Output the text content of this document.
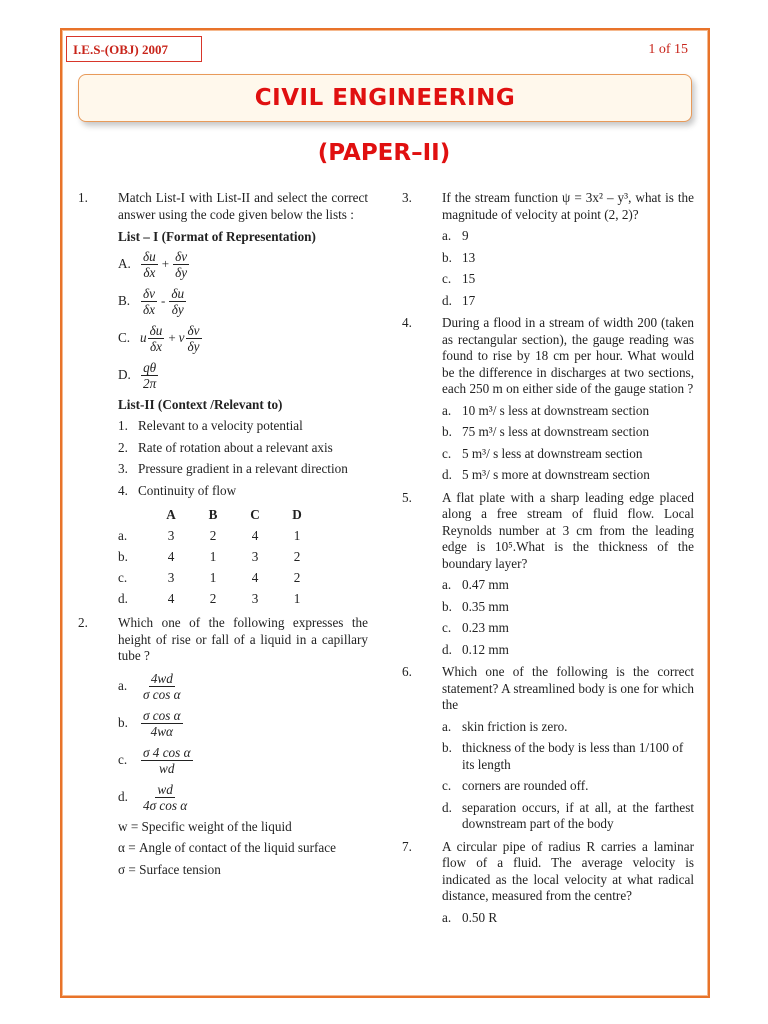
I.E.S-(OBJ) 2007	1 of 15
CIVIL ENGINEERING
(PAPER–II)
1.	Match List-I with List-II and select the correct answer using the code given below the lists :
List – I (Format of Representation)
A. $\frac{\delta u}{\delta x} + \frac{\delta v}{\delta y}$
B. $\frac{\delta v}{\delta x} - \frac{\delta u}{\delta y}$
C. u $\frac{\delta u}{\delta x} + v \frac{\delta v}{\delta y}$
D. $\frac{q\theta}{2\pi}$
List-II (Context /Relevant to)
1. Relevant to a velocity potential
2. Rate of rotation about a relevant axis
3. Pressure gradient in a relevant direction
4. Continuity of flow
	A	B	C	D
a.	3	2	4	1
b.	4	1	3	2
c.	3	1	4	2
d.	4	2	3	1
2.	Which one of the following expresses the height of rise or fall of a liquid in a capillary tube ?
a.	$\frac{4wd}{\text{σ cos α}}$
b. $\frac{\text{σ cos α}}{4w\alpha}$
c.	$\frac{\text{σ 4 cos α}}{wd}$
d. $\frac{wd}{\text{4σ cos α}}$
w = Specific weight of the liquid
α = Angle of contact of the liquid surface
σ = Surface tension
3.	If the stream function ψ = 3x² – y³, what is the magnitude of velocity at point (2, 2)?
a. 9
b. 13
c. 15
d. 17
4.	During a flood in a stream of width 200 (taken as rectangular section), the gauge reading was found to rise by 18 cm per hour. What would be the difference in discharges at two sections, each 250 m on either side of the gauge station ?
a. 10 m³/ s less at downstream section
b. 75 m³/ s less at downstream section
c. 5 m³/ s less at downstream section
d. 5 m³/ s more at downstream section
5.	A flat plate with a sharp leading edge placed along a free stream of fluid flow. Local Reynolds number at 3 cm from the leading edge is 10⁵.What is the thickness of the boundary layer?
a. 0.47 mm
b. 0.35 mm
c. 0.23 mm
d. 0.12 mm
6.	Which one of the following is the correct statement? A streamlined body is one for which the
a. skin friction is zero.
b. thickness of the body is less than 1/100 of its length
c. corners are rounded off.
d. separation occurs, if at all, at the farthest downstream part of the body
7.	A circular pipe of radius R carries a laminar flow of a fluid. The average velocity is indicated as the local velocity at what radical distance, measured from the centre?
a. 0.50 R
